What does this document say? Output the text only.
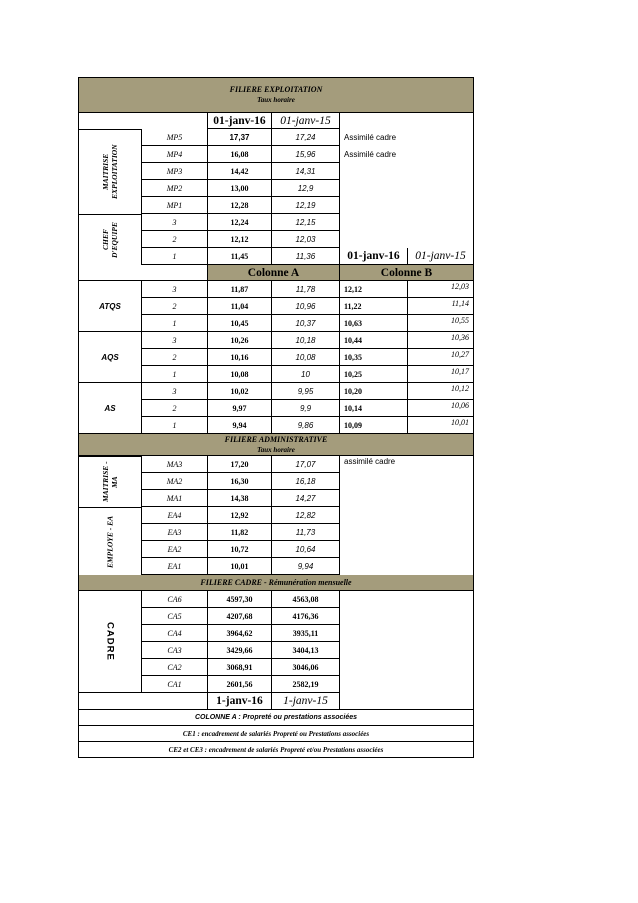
FILIERE EXPLOITATION
Taux horaire
01-janv-16	01-janv-15
MAITRISE EXPLOITATION
MP5	17,37	17,24	Assimilé cadre
MP4	16,08	15,96	Assimilé cadre
MP3	14,42	14,31
MP2	13,00	12,9
MP1	12,28	12,19
CHEF D'EQUIPE
3	12,24	12,15
2	12,12	12,03
1	11,45	11,36	01-janv-16	01-janv-15
Colonne A	Colonne B
ATQS
3	11,87	11,78	12,12	12,03
2	11,04	10,96	11,22	11,14
1	10,45	10,37	10,63	10,55
AQS
3	10,26	10,18	10,44	10,36
2	10,16	10,08	10,35	10,27
1	10,08	10	10,25	10,17
AS
3	10,02	9,95	10,20	10,12
2	9,97	9,9	10,14	10,06
1	9,94	9,86	10,09	10,01
FILIERE ADMINISTRATIVE
Taux horaire
MAITRISE - MA
MA3	17,20	17,07
MA2	16,30	16,18
MA1	14,38	14,27
assimilé cadre
EMPLOYE - EA
EA4	12,92	12,82
EA3	11,82	11,73
EA2	10,72	10,64
EA1	10,01	9,94
FILIERE CADRE - Rémunération mensuelle
CADRE
CA6	4597,30	4563,08
CA5	4207,68	4176,36
CA4	3964,62	3935,11
CA3	3429,66	3404,13
CA2	3068,91	3046,06
CA1	2601,56	2582,19
1-janv-16	1-janv-15
COLONNE A : Propreté ou prestations associées
CE1 : encadrement de salariés Propreté ou Prestations associées
CE2 et CE3 : encadrement de salariés Propreté et/ou Prestations associées
